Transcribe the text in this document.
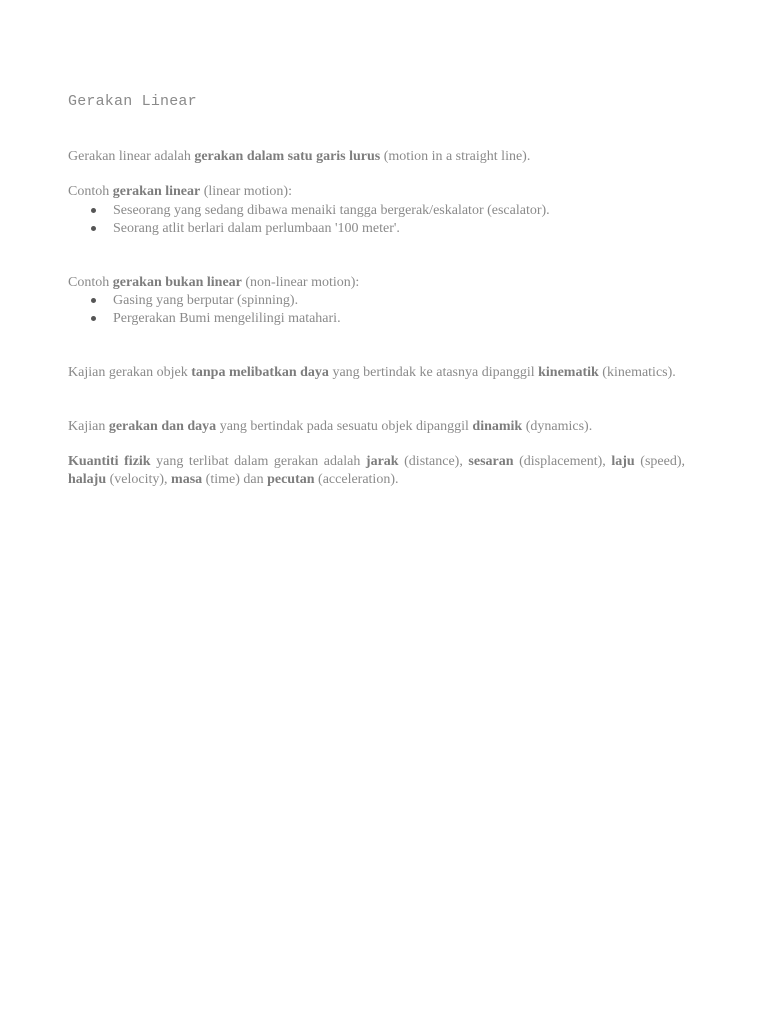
Gerakan Linear

Gerakan linear adalah gerakan dalam satu garis lurus (motion in a straight line).

Contoh gerakan linear (linear motion):

Seseorang yang sedang dibawa menaiki tangga bergerak/eskalator (escalator).
Seorang atlit berlari dalam perlumbaan '100 meter'.

Contoh gerakan bukan linear (non-linear motion):

Gasing yang berputar (spinning).
Pergerakan Bumi mengelilingi matahari.

Kajian gerakan objek tanpa melibatkan daya yang bertindak ke atasnya dipanggil kinematik (kinematics).

Kajian gerakan dan daya yang bertindak pada sesuatu objek dipanggil dinamik (dynamics).

Kuantiti fizik yang terlibat dalam gerakan adalah jarak (distance), sesaran (displacement), laju (speed), halaju (velocity), masa (time) dan pecutan (acceleration).
